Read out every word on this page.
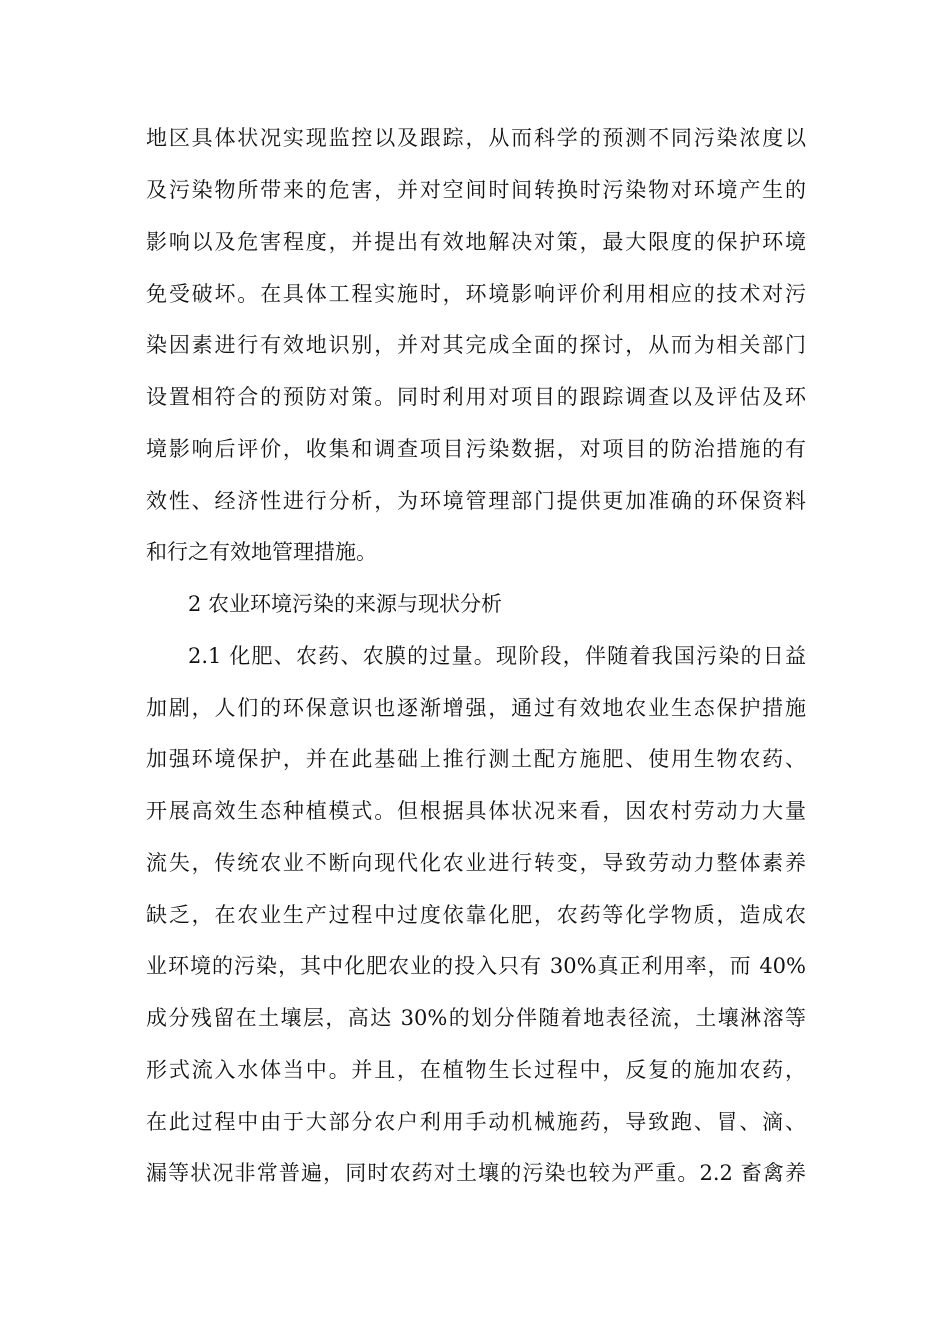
地区具体状况实现监控以及跟踪，从而科学的预测不同污染浓度以
及污染物所带来的危害，并对空间时间转换时污染物对环境产生的
影响以及危害程度，并提出有效地解决对策，最大限度的保护环境
免受破坏。在具体工程实施时，环境影响评价利用相应的技术对污
染因素进行有效地识别，并对其完成全面的探讨，从而为相关部门
设置相符合的预防对策。同时利用对项目的跟踪调查以及评估及环
境影响后评价，收集和调查项目污染数据，对项目的防治措施的有
效性、经济性进行分析，为环境管理部门提供更加准确的环保资料
和行之有效地管理措施。
2 农业环境污染的来源与现状分析
2.1 化肥、农药、农膜的过量。现阶段，伴随着我国污染的日益
加剧，人们的环保意识也逐渐增强，通过有效地农业生态保护措施
加强环境保护，并在此基础上推行测土配方施肥、使用生物农药、
开展高效生态种植模式。但根据具体状况来看，因农村劳动力大量
流失，传统农业不断向现代化农业进行转变，导致劳动力整体素养
缺乏，在农业生产过程中过度依靠化肥，农药等化学物质，造成农
业环境的污染，其中化肥农业的投入只有 30%真正利用率，而 40%
成分残留在土壤层，高达 30%的划分伴随着地表径流，土壤淋溶等
形式流入水体当中。并且，在植物生长过程中，反复的施加农药，
在此过程中由于大部分农户利用手动机械施药，导致跑、冒、滴、
漏等状况非常普遍，同时农药对土壤的污染也较为严重。2.2 畜禽养
